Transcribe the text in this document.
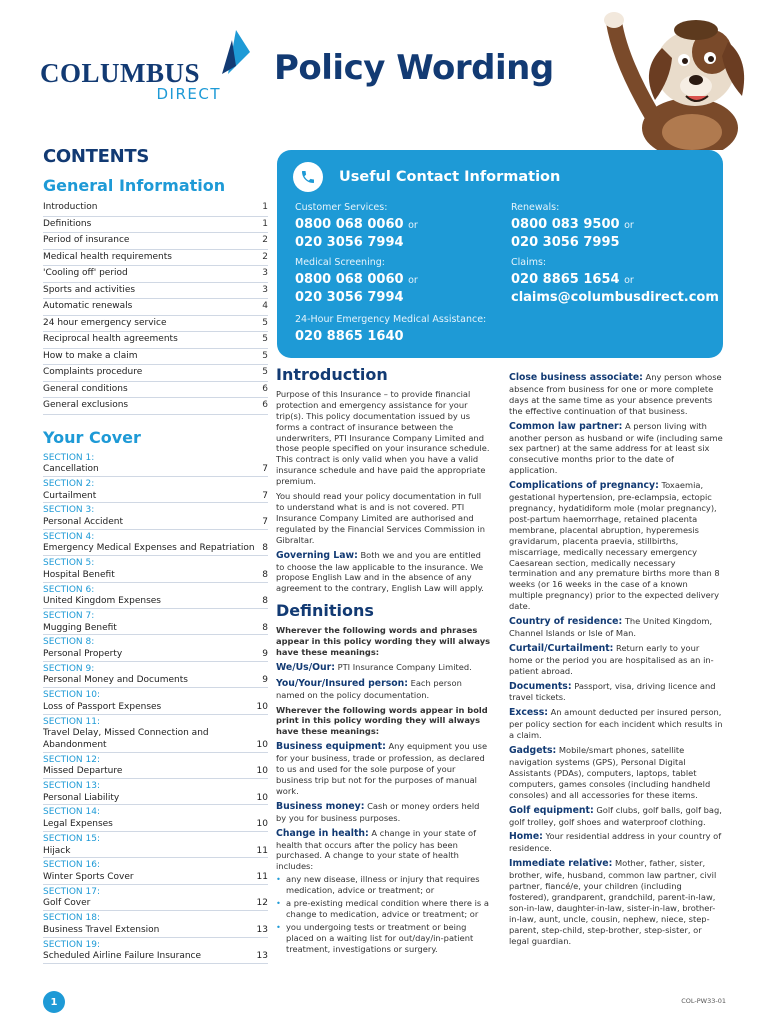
COLUMBUS
DIRECT
Policy Wording
CONTENTS
General Information
Introduction	1
Definitions	1
Period of insurance	2
Medical health requirements	2
'Cooling off' period	3
Sports and activities	3
Automatic renewals	4
24 hour emergency service	5
Reciprocal health agreements	5
How to make a claim	5
Complaints procedure	5
General conditions	6
General exclusions	6
Your Cover
SECTION 1:
Cancellation	7
SECTION 2:
Curtailment	7
SECTION 3:
Personal Accident	7
SECTION 4:
Emergency Medical Expenses and Repatriation 8
SECTION 5:
Hospital Benefit	8
SECTION 6:
United Kingdom Expenses	8
SECTION 7:
Mugging Benefit	8
SECTION 8:
Personal Property	9
SECTION 9:
Personal Money and Documents	9
SECTION 10:
Loss of Passport Expenses	10
SECTION 11:
Travel Delay, Missed Connection and Abandonment	10
SECTION 12:
Missed Departure	10
SECTION 13:
Personal Liability	10
SECTION 14:
Legal Expenses	10
SECTION 15:
Hijack	11
SECTION 16:
Winter Sports Cover	11
SECTION 17:
Golf Cover	12
SECTION 18:
Business Travel Extension	13
SECTION 19:
Scheduled Airline Failure Insurance	13
Useful Contact Information
Customer Services:
0800 068 0060 or
020 3056 7994
Renewals:
0800 083 9500 or
020 3056 7995
Medical Screening:
0800 068 0060 or
020 3056 7994
Claims:
020 8865 1654 or
claims@columbusdirect.com
24-Hour Emergency Medical Assistance:
020 8865 1640
Introduction

Purpose of this Insurance – to provide financial protection and emergency assistance for your trip(s). This policy documentation issued by us forms a contract of insurance between the underwriters, PTI Insurance Company Limited and those people specified on your insurance schedule. This contract is only valid when you have a valid insurance schedule and have paid the appropriate premium.

You should read your policy documentation in full to understand what is and is not covered. PTI Insurance Company Limited are authorised and regulated by the Financial Services Commission in Gibraltar.

Governing Law: Both we and you are entitled to choose the law applicable to the insurance. We propose English Law and in the absence of any agreement to the contrary, English Law will apply.

Definitions

Wherever the following words and phrases appear in this policy wording they will always have these meanings:

We/Us/Our: PTI Insurance Company Limited.

You/Your/Insured person: Each person named on the policy documentation.

Wherever the following words appear in bold print in this policy wording they will always have these meanings:

Business equipment: Any equipment you use for your business, trade or profession, as declared to us and used for the sole purpose of your business trip but not for the purposes of manual work.

Business money: Cash or money orders held by you for business purposes.

Change in health: A change in your state of health that occurs after the policy has been purchased. A change to your state of health includes:
• any new disease, illness or injury that requires medication, advice or treatment; or
• a pre-existing medical condition where there is a change to medication, advice or treatment; or
• you undergoing tests or treatment or being placed on a waiting list for out/day/in-patient treatment, investigations or surgery.

Close business associate: Any person whose absence from business for one or more complete days at the same time as your absence prevents the effective continuation of that business.

Common law partner: A person living with another person as husband or wife (including same sex partner) at the same address for at least six consecutive months prior to the date of application.

Complications of pregnancy: Toxaemia, gestational hypertension, pre-eclampsia, ectopic pregnancy, hydatidiform mole (molar pregnancy), post-partum haemorrhage, retained placenta membrane, placental abruption, hyperemesis gravidarum, placenta praevia, stillbirths, miscarriage, medically necessary emergency Caesarean section, medically necessary termination and any premature births more than 8 weeks (or 16 weeks in the case of a known multiple pregnancy) prior to the expected delivery date.

Country of residence: The United Kingdom, Channel Islands or Isle of Man.

Curtail/Curtailment: Return early to your home or the period you are hospitalised as an in-patient abroad.

Documents: Passport, visa, driving licence and travel tickets.

Excess: An amount deducted per insured person, per policy section for each incident which results in a claim.

Gadgets: Mobile/smart phones, satellite navigation systems (GPS), Personal Digital Assistants (PDAs), computers, laptops, tablet computers, games consoles (including handheld consoles) and all accessories for these items.

Golf equipment: Golf clubs, golf balls, golf bag, golf trolley, golf shoes and waterproof clothing.

Home: Your residential address in your country of residence.

Immediate relative: Mother, father, sister, brother, wife, husband, common law partner, civil partner, fiancé/e, your children (including fostered), grandparent, grandchild, parent-in-law, son-in-law, daughter-in-law, sister-in-law, brother-in-law, aunt, uncle, cousin, nephew, niece, step-parent, step-child, step-brother, step-sister, or legal guardian.

1	COL-PW33-01
